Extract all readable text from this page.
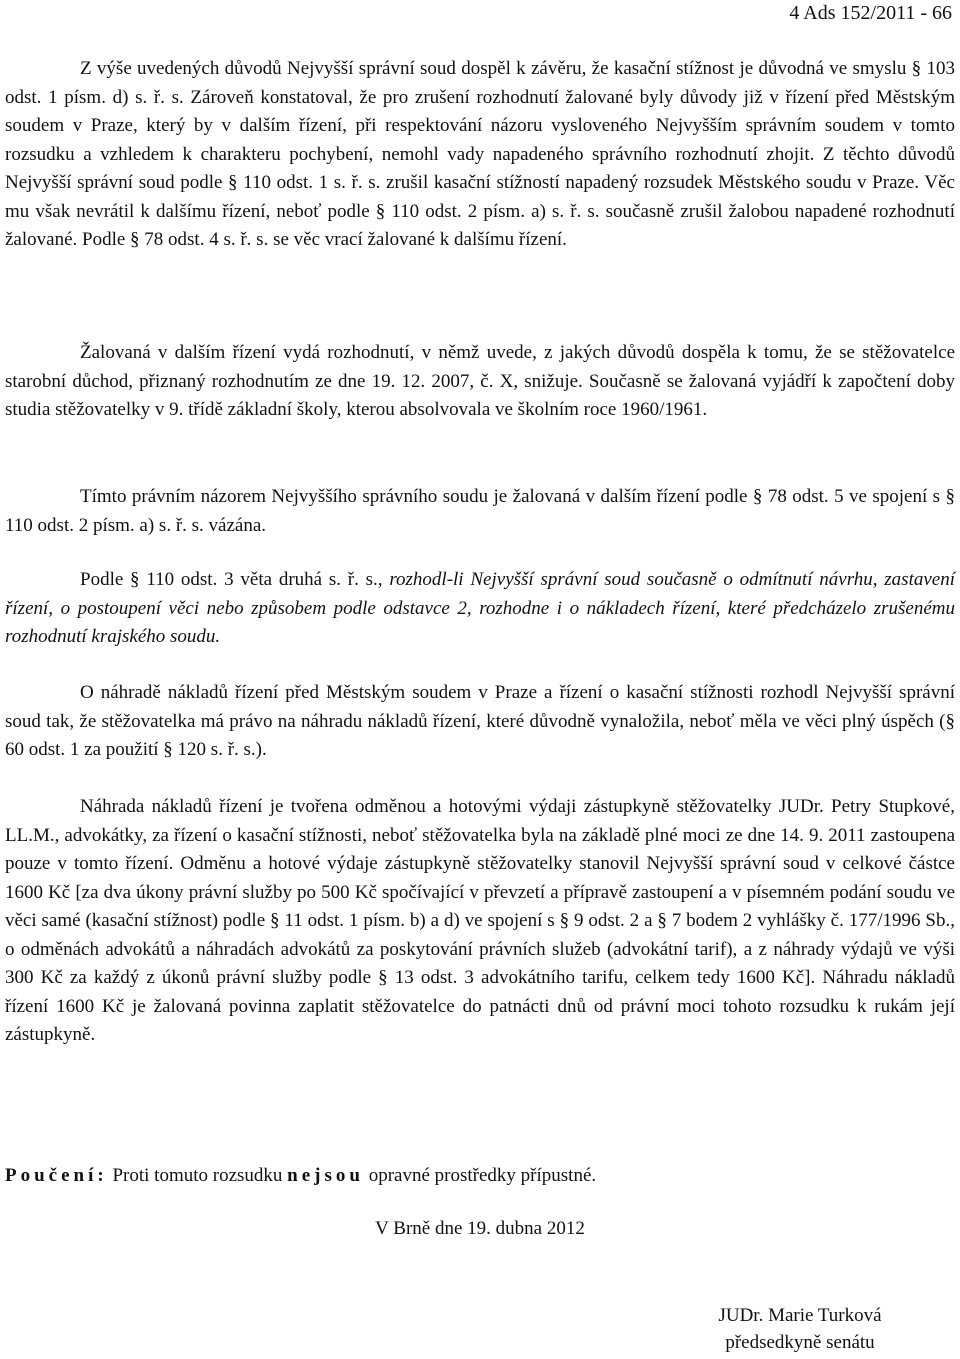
4 Ads 152/2011 - 66

Z výše uvedených důvodů Nejvyšší správní soud dospěl k závěru, že kasační stížnost je důvodná ve smyslu § 103 odst. 1 písm. d) s. ř. s. Zároveň konstatoval, že pro zrušení rozhodnutí žalované byly důvody již v řízení před Městským soudem v Praze, který by v dalším řízení, při respektování názoru vysloveného Nejvyšším správním soudem v tomto rozsudku a vzhledem k charakteru pochybení, nemohl vady napadeného správního rozhodnutí zhojit. Z těchto důvodů Nejvyšší správní soud podle § 110 odst. 1 s. ř. s. zrušil kasační stížností napadený rozsudek Městského soudu v Praze. Věc mu však nevrátil k dalšímu řízení, neboť podle § 110 odst. 2 písm. a) s. ř. s. současně zrušil žalobou napadené rozhodnutí žalované. Podle § 78 odst. 4 s. ř. s. se věc vrací žalované k dalšímu řízení.

Žalovaná v dalším řízení vydá rozhodnutí, v němž uvede, z jakých důvodů dospěla k tomu, že se stěžovatelce starobní důchod, přiznaný rozhodnutím ze dne 19. 12. 2007, č. X, snižuje. Současně se žalovaná vyjádří k započtení doby studia stěžovatelky v 9. třídě základní školy, kterou absolvovala ve školním roce 1960/1961.

Tímto právním názorem Nejvyššího správního soudu je žalovaná v dalším řízení podle § 78 odst. 5 ve spojení s § 110 odst. 2 písm. a) s. ř. s. vázána.

Podle § 110 odst. 3 věta druhá s. ř. s., rozhodl-li Nejvyšší správní soud současně o odmítnutí návrhu, zastavení řízení, o postoupení věci nebo způsobem podle odstavce 2, rozhodne i o nákladech řízení, které předcházelo zrušenému rozhodnutí krajského soudu.

O náhradě nákladů řízení před Městským soudem v Praze a řízení o kasační stížnosti rozhodl Nejvyšší správní soud tak, že stěžovatelka má právo na náhradu nákladů řízení, které důvodně vynaložila, neboť měla ve věci plný úspěch (§ 60 odst. 1 za použití § 120 s. ř. s.).

Náhrada nákladů řízení je tvořena odměnou a hotovými výdaji zástupkyně stěžovatelky JUDr. Petry Stupkové, LL.M., advokátky, za řízení o kasační stížnosti, neboť stěžovatelka byla na základě plné moci ze dne 14. 9. 2011 zastoupena pouze v tomto řízení. Odměnu a hotové výdaje zástupkyně stěžovatelky stanovil Nejvyšší správní soud v celkové částce 1600 Kč [za dva úkony právní služby po 500 Kč spočívající v převzetí a přípravě zastoupení a v písemném podání soudu ve věci samé (kasační stížnost) podle § 11 odst. 1 písm. b) a d) ve spojení s § 9 odst. 2 a § 7 bodem 2 vyhlášky č. 177/1996 Sb., o odměnách advokátů a náhradách advokátů za poskytování právních služeb (advokátní tarif), a z náhrady výdajů ve výši 300 Kč za každý z úkonů právní služby podle § 13 odst. 3 advokátního tarifu, celkem tedy 1600 Kč]. Náhradu nákladů řízení 1600 Kč je žalovaná povinna zaplatit stěžovatelce do patnácti dnů od právní moci tohoto rozsudku k rukám její zástupkyně.

Poučení: Proti tomuto rozsudku nejsou opravné prostředky přípustné.
V Brně dne 19. dubna 2012
JUDr. Marie Turková
předsedkyně senátu
